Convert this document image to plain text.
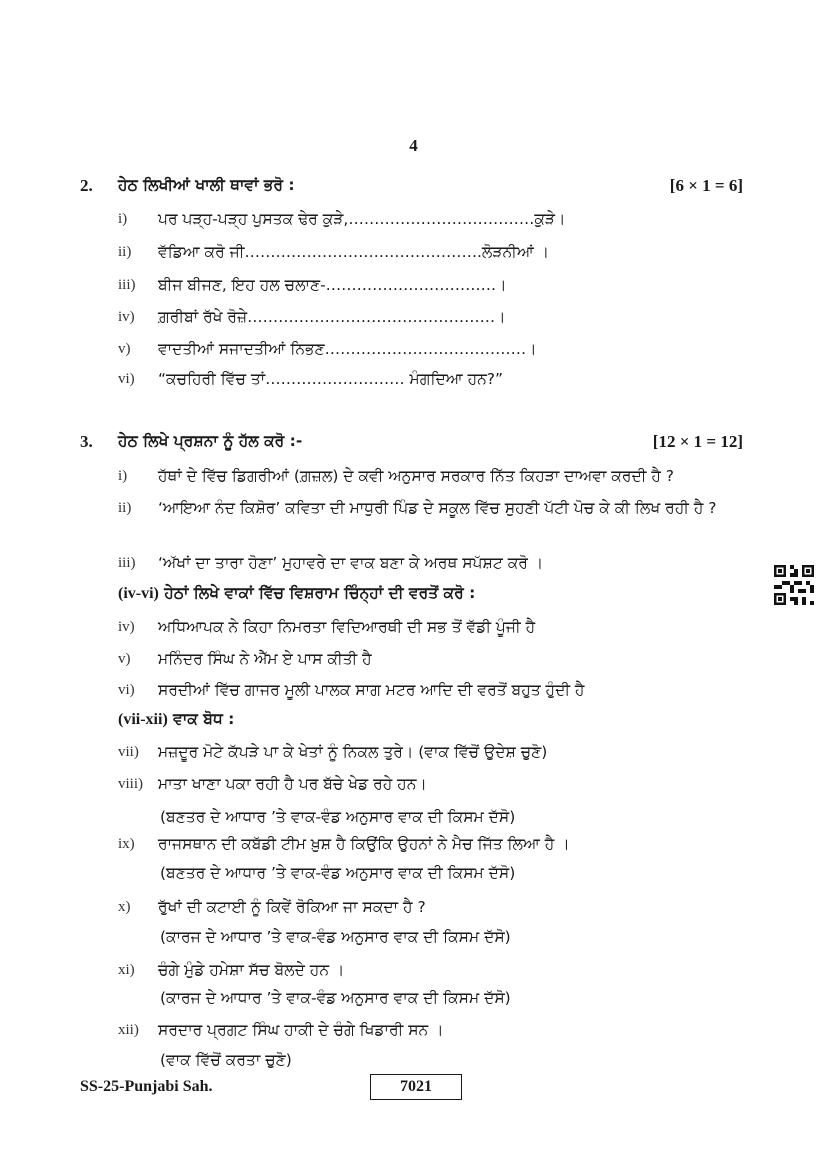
4
2. ਹੇਠ ਲਿਖੀਆਂ ਖਾਲੀ ਥਾਵਾਂ ਭਰੋ :	[6 × 1 = 6]
i) ਪਰ ਪੜ੍ਹ-ਪੜ੍ਹ ਪੁਸਤਕ ਢੇਰ ਕੁੜੇ,………………………………ਕੁੜੇ।
ii) ਵੱਡਿਆ ਕਰੋ ਜੀ……………………………………….ਲੋੜਨੀਆਂ ।
iii) ਬੀਜ ਬੀਜਣ, ਇਹ ਹਲ ਚਲਾਣ-……………………………।
iv) ਗ਼ਰੀਬਾਂ ਰੱਖੇ ਰੋਜ਼ੇ…………………………………………।
v) ਵਾਦਤੀਆਂ ਸਜਾਦਤੀਆਂ ਨਿਭਣ…………………………………।
vi) “ਕਚਹਿਰੀ ਵਿੱਚ ਤਾਂ……………………… ਮੰਗਦਿਆ ਹਨ?”
3. ਹੇਠ ਲਿਖੇ ਪ੍ਰਸ਼ਨਾ ਨੂੰ ਹੱਲ ਕਰੋ :-	[12 × 1 = 12]
i) ਹੱਥਾਂ ਦੇ ਵਿੱਚ ਡਿਗਰੀਆਂ (ਗ਼ਜ਼ਲ) ਦੇ ਕਵੀ ਅਨੁਸਾਰ ਸਰਕਾਰ ਨਿੱਤ ਕਿਹੜਾ ਦਾਅਵਾ ਕਰਦੀ ਹੈ ?
ii) ‘ਆਇਆ ਨੰਦ ਕਿਸ਼ੋਰ’ ਕਵਿਤਾ ਦੀ ਮਾਧੁਰੀ ਪਿੰਡ ਦੇ ਸਕੂਲ ਵਿੱਚ ਸੁਹਣੀ ਪੱਟੀ ਪੋਚ ਕੇ ਕੀ ਲਿਖ ਰਹੀ ਹੈ ?
iii) ‘ਅੱਖਾਂ ਦਾ ਤਾਰਾ ਹੋਣਾ’ ਮੁਹਾਵਰੇ ਦਾ ਵਾਕ ਬਣਾ ਕੇ ਅਰਥ ਸਪੱਸ਼ਟ ਕਰੋ ।
(iv-vi) ਹੇਠਾਂ ਲਿਖੇ ਵਾਕਾਂ ਵਿੱਚ ਵਿਸ਼ਰਾਮ ਚਿੰਨ੍ਹਾਂ ਦੀ ਵਰਤੋਂ ਕਰੋ :
iv) ਅਧਿਆਪਕ ਨੇ ਕਿਹਾ ਨਿਮਰਤਾ ਵਿਦਿਆਰਥੀ ਦੀ ਸਭ ਤੋਂ ਵੱਡੀ ਪੂੰਜੀ ਹੈ
v) ਮਨਿੰਦਰ ਸਿੰਘ ਨੇ ਐੱਮ ਏ ਪਾਸ ਕੀਤੀ ਹੈ
vi) ਸਰਦੀਆਂ ਵਿੱਚ ਗਾਜਰ ਮੂਲੀ ਪਾਲਕ ਸਾਗ ਮਟਰ ਆਦਿ ਦੀ ਵਰਤੋਂ ਬਹੁਤ ਹੁੰਦੀ ਹੈ
(vii-xii) ਵਾਕ ਬੋਧ :
vii) ਮਜ਼ਦੂਰ ਮੋਟੇ ਕੱਪੜੇ ਪਾ ਕੇ ਖੇਤਾਂ ਨੂੰ ਨਿਕਲ ਤੁਰੇ। (ਵਾਕ ਵਿੱਚੋਂ ਉਦੇਸ਼ ਚੁਣੋ)
viii) ਮਾਤਾ ਖਾਣਾ ਪਕਾ ਰਹੀ ਹੈ ਪਰ ਬੱਚੇ ਖੇਡ ਰਹੇ ਹਨ।
(ਬਣਤਰ ਦੇ ਆਧਾਰ ’ਤੇ ਵਾਕ-ਵੰਡ ਅਨੁਸਾਰ ਵਾਕ ਦੀ ਕਿਸਮ ਦੱਸੋ)
ix) ਰਾਜਸਥਾਨ ਦੀ ਕਬੱਡੀ ਟੀਮ ਖ਼ੁਸ਼ ਹੈ ਕਿਉਂਕਿ ਉਹਨਾਂ ਨੇ ਮੈਚ ਜਿੱਤ ਲਿਆ ਹੈ ।
(ਬਣਤਰ ਦੇ ਆਧਾਰ ’ਤੇ ਵਾਕ-ਵੰਡ ਅਨੁਸਾਰ ਵਾਕ ਦੀ ਕਿਸਮ ਦੱਸੋ)
x) ਰੁੱਖਾਂ ਦੀ ਕਟਾਈ ਨੂੰ ਕਿਵੇਂ ਰੋਕਿਆ ਜਾ ਸਕਦਾ ਹੈ ?
(ਕਾਰਜ ਦੇ ਆਧਾਰ ’ਤੇ ਵਾਕ-ਵੰਡ ਅਨੁਸਾਰ ਵਾਕ ਦੀ ਕਿਸਮ ਦੱਸੋ)
xi) ਚੰਗੇ ਮੁੰਡੇ ਹਮੇਸ਼ਾ ਸੱਚ ਬੋਲਦੇ ਹਨ ।
(ਕਾਰਜ ਦੇ ਆਧਾਰ ’ਤੇ ਵਾਕ-ਵੰਡ ਅਨੁਸਾਰ ਵਾਕ ਦੀ ਕਿਸਮ ਦੱਸੋ)
xii) ਸਰਦਾਰ ਪ੍ਰਗਟ ਸਿੰਘ ਹਾਕੀ ਦੇ ਚੰਗੇ ਖਿਡਾਰੀ ਸਨ ।
(ਵਾਕ ਵਿੱਚੋਂ ਕਰਤਾ ਚੁਣੋ)
SS-25-Punjabi Sah.	7021
